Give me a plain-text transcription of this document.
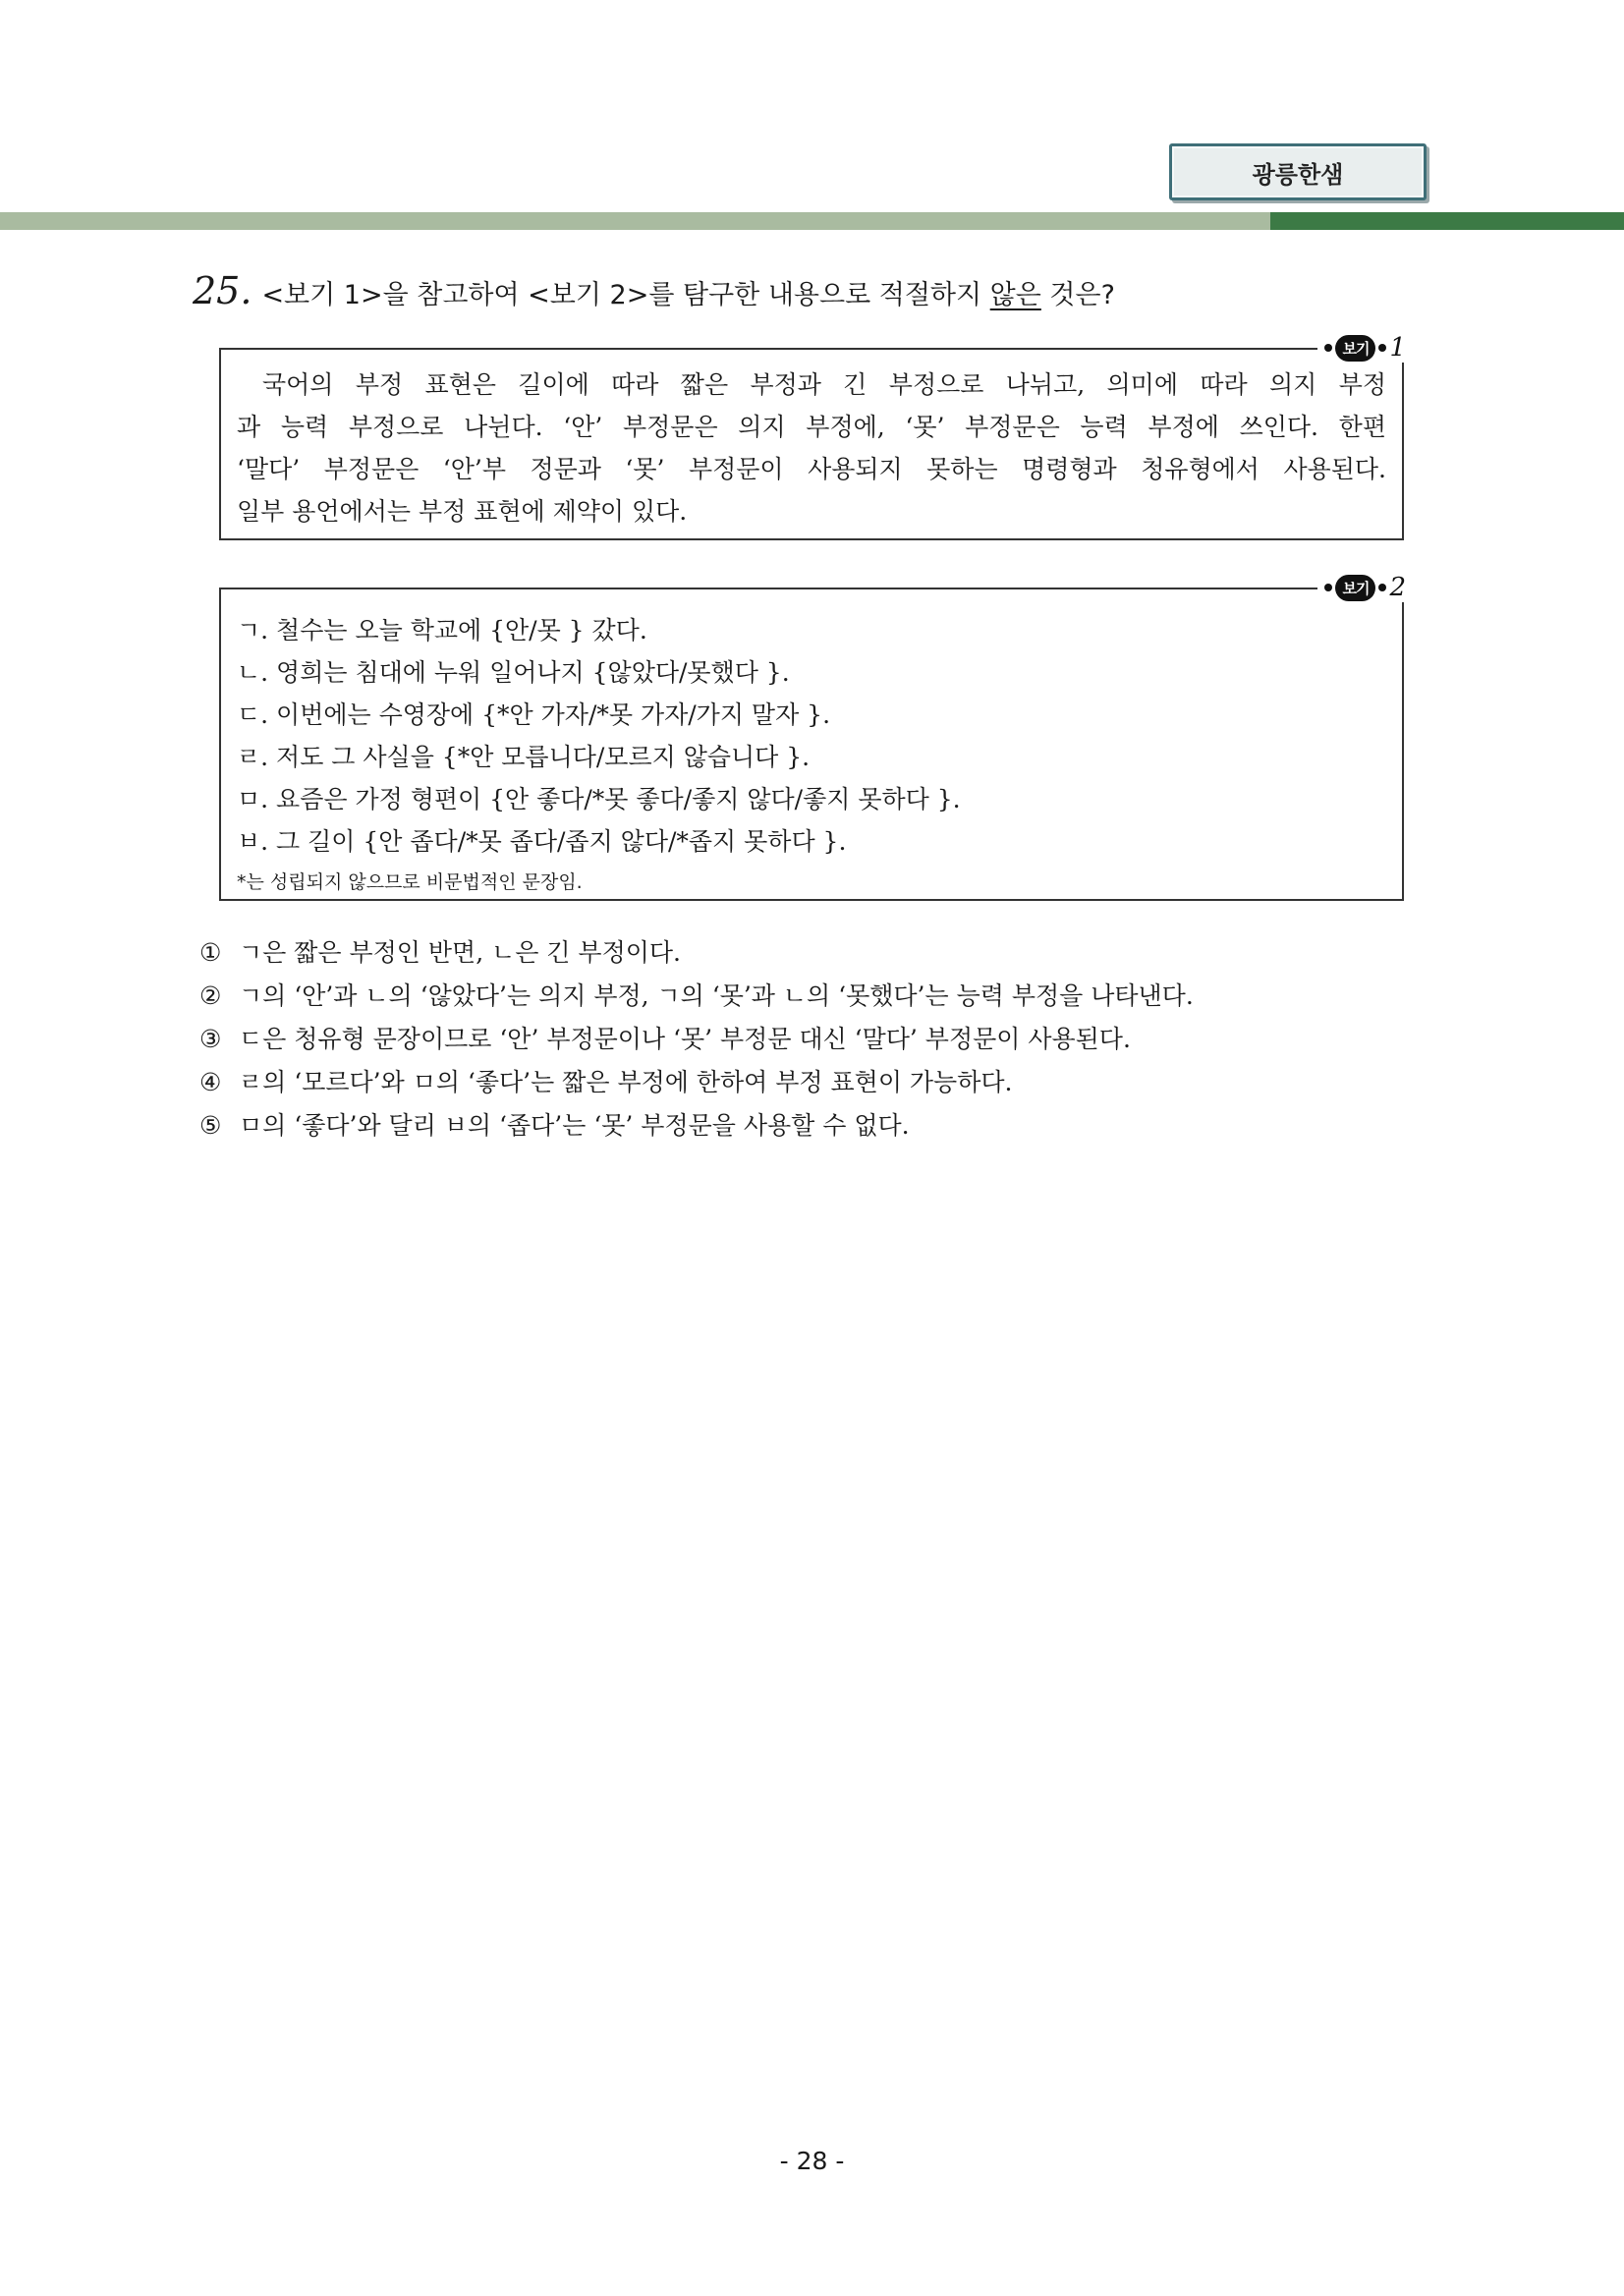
광릉한샘
25. <보기 1>을 참고하여 <보기 2>를 탐구한 내용으로 적절하지 않은 것은?
보기 1

국어의 부정 표현은 길이에 따라 짧은 부정과 긴 부정으로 나뉘고, 의미에 따라 의지 부정

과 능력 부정으로 나뉜다. ‘안’ 부정문은 의지 부정에, ‘못’ 부정문은 능력 부정에 쓰인다. 한편

‘말다’ 부정문은 ‘안’부 정문과 ‘못’ 부정문이 사용되지 못하는 명령형과 청유형에서 사용된다.

일부 용언에서는 부정 표현에 제약이 있다.

보기 2

ㄱ. 철수는 오늘 학교에 {안/못 } 갔다.

ㄴ. 영희는 침대에 누워 일어나지 {않았다/못했다 }.

ㄷ. 이번에는 수영장에 {*안 가자/*못 가자/가지 말자 }.

ㄹ. 저도 그 사실을 {*안 모릅니다/모르지 않습니다 }.

ㅁ. 요즘은 가정 형편이 {안 좋다/*못 좋다/좋지 않다/좋지 못하다 }.

ㅂ. 그 길이 {안 좁다/*못 좁다/좁지 않다/*좁지 못하다 }.

*는 성립되지 않으므로 비문법적인 문장임.

① ㄱ은 짧은 부정인 반면, ㄴ은 긴 부정이다.

② ㄱ의 ‘안’과 ㄴ의 ‘않았다’는 의지 부정, ㄱ의 ‘못’과 ㄴ의 ‘못했다’는 능력 부정을 나타낸다.

③ ㄷ은 청유형 문장이므로 ‘안’ 부정문이나 ‘못’ 부정문 대신 ‘말다’ 부정문이 사용된다.

④ ㄹ의 ‘모르다’와 ㅁ의 ‘좋다’는 짧은 부정에 한하여 부정 표현이 가능하다.

⑤ ㅁ의 ‘좋다’와 달리 ㅂ의 ‘좁다’는 ‘못’ 부정문을 사용할 수 없다.

- 28 -
